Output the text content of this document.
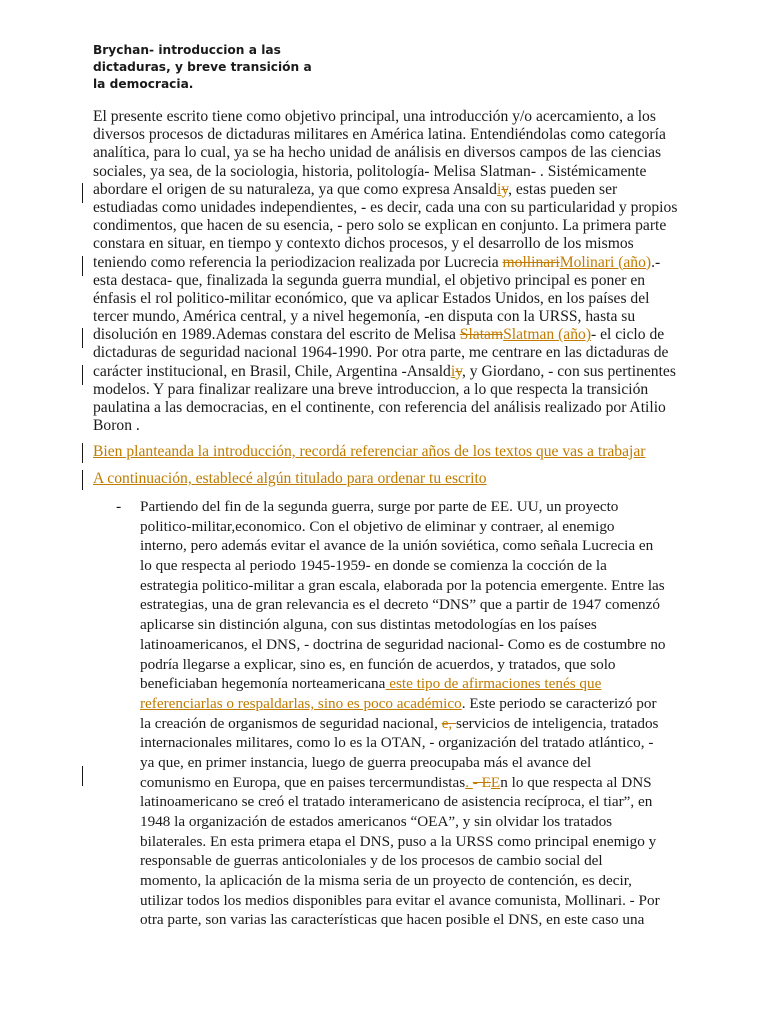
Brychan- introduccion a las
dictaduras, y breve transición a
la democracia.
El presente escrito tiene como objetivo principal, una introducción y/o acercamiento, a los
diversos procesos de dictaduras militares en América latina. Entendiéndolas como categoría
analítica, para lo cual, ya se ha hecho unidad de análisis en diversos campos de las ciencias
sociales, ya sea, de la sociologia, historia, politología- Melisa Slatman- . Sistémicamente
abordare el origen de su naturaleza, ya que como expresa Ansaldiy, estas pueden ser
estudiadas como unidades independientes, - es decir, cada una con su particularidad y propios
condimentos, que hacen de su esencia, - pero solo se explican en conjunto. La primera parte
constara en situar, en tiempo y contexto dichos procesos, y el desarrollo de los mismos
teniendo como referencia la periodizacion realizada por Lucrecia mollinariMolinari (año).-
esta destaca- que, finalizada la segunda guerra mundial, el objetivo principal es poner en
énfasis el rol politico-militar económico, que va aplicar Estados Unidos, en los países del
tercer mundo, América central, y a nivel hegemonía, -en disputa con la URSS, hasta su
disolución en 1989.Ademas constara del escrito de Melisa SlatamSlatman (año)- el ciclo de
dictaduras de seguridad nacional 1964-1990. Por otra parte, me centrare en las dictaduras de
carácter institucional, en Brasil, Chile, Argentina -Ansaldiy, y Giordano, - con sus pertinentes
modelos. Y para finalizar realizare una breve introduccion, a lo que respecta la transición
paulatina a las democracias, en el continente, con referencia del análisis realizado por Atilio
Boron .
Bien planteanda la introducción, recordá referenciar años de los textos que vas a trabajar
A continuación, establecé algún titulado para ordenar tu escrito
- Partiendo del fin de la segunda guerra, surge por parte de EE. UU, un proyecto
politico-militar,economico. Con el objetivo de eliminar y contraer, al enemigo
interno, pero además evitar el avance de la unión soviética, como señala Lucrecia en
lo que respecta al periodo 1945-1959- en donde se comienza la cocción de la
estrategia politico-militar a gran escala, elaborada por la potencia emergente. Entre las
estrategias, una de gran relevancia es el decreto “DNS” que a partir de 1947 comenzó
aplicarse sin distinción alguna, con sus distintas metodologías en los países
latinoamericanos, el DNS, - doctrina de seguridad nacional- Como es de costumbre no
podría llegarse a explicar, sino es, en función de acuerdos, y tratados, que solo
beneficiaban hegemonía norteamericana este tipo de afirmaciones tenés que
referenciarlas o respaldarlas, sino es poco académico. Este periodo se caracterizó por
la creación de organismos de seguridad nacional, e, servicios de inteligencia, tratados
internacionales militares, como lo es la OTAN, - organización del tratado atlántico, -
ya que, en primer instancia, luego de guerra preocupaba más el avance del
comunismo en Europa, que en paises tercermundistas. - EEn lo que respecta al DNS
latinoamericano se creó el tratado interamericano de asistencia recíproca, el tiar”, en
1948 la organización de estados americanos “OEA”, y sin olvidar los tratados
bilaterales. En esta primera etapa el DNS, puso a la URSS como principal enemigo y
responsable de guerras anticoloniales y de los procesos de cambio social del
momento, la aplicación de la misma seria de un proyecto de contención, es decir,
utilizar todos los medios disponibles para evitar el avance comunista, Mollinari. - Por
otra parte, son varias las características que hacen posible el DNS, en este caso una
